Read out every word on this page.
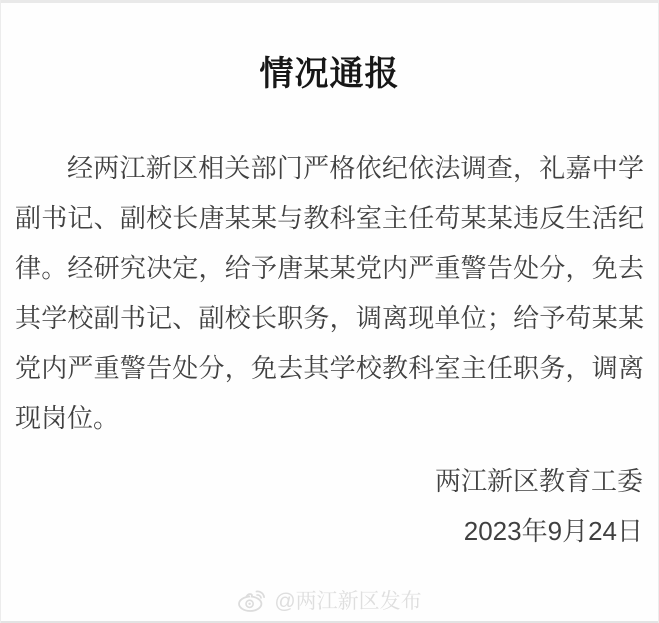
情况通报

经两江新区相关部门严格依纪依法调查，礼嘉中学副书记、副校长唐某某与教科室主任苟某某违反生活纪律。经研究决定，给予唐某某党内严重警告处分，免去其学校副书记、副校长职务，调离现单位；给予苟某某党内严重警告处分，免去其学校教科室主任职务，调离现岗位。

两江新区教育工委
2023年9月24日
@两江新区发布
